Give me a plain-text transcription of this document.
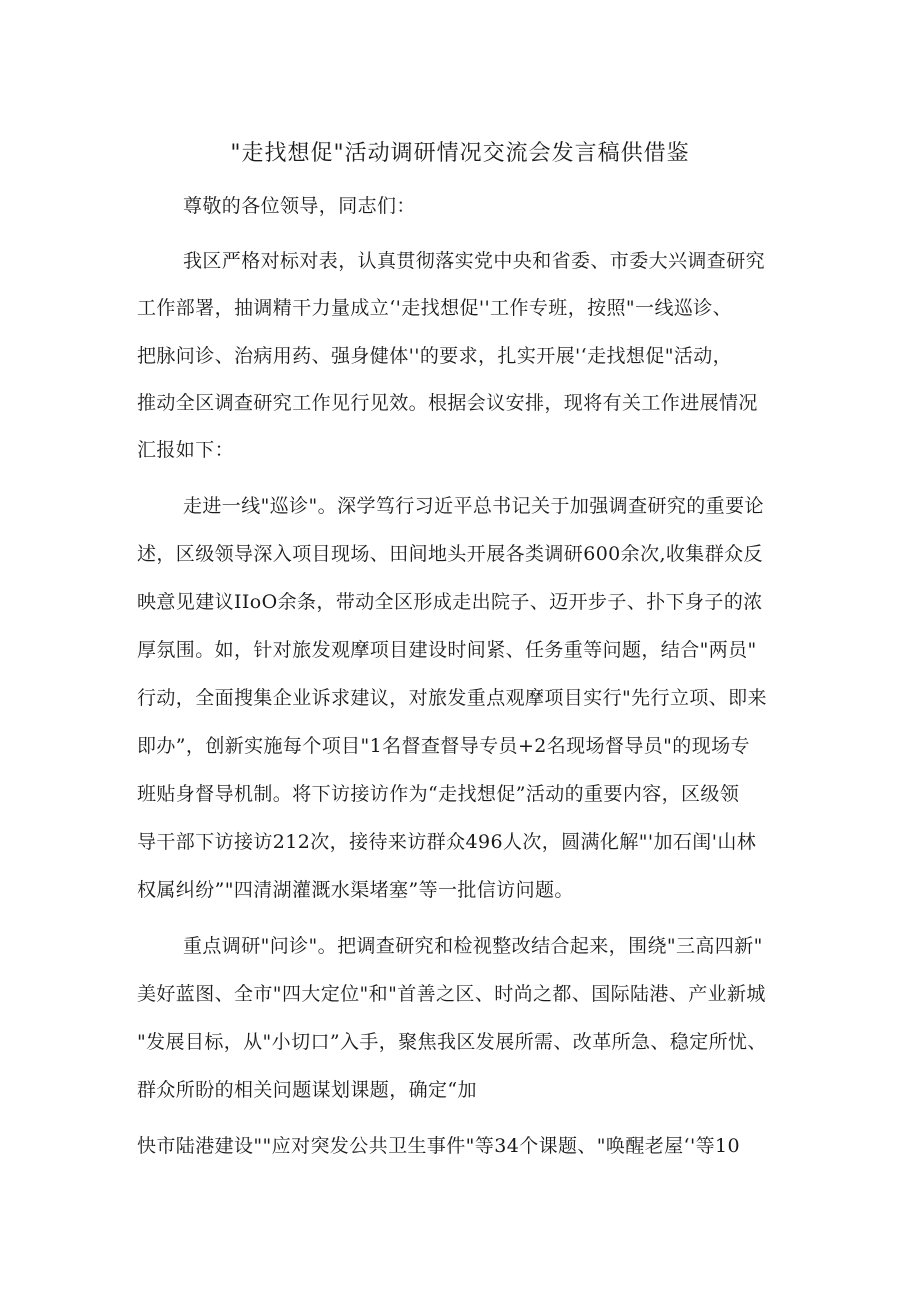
"走找想促"活动调研情况交流会发言稿供借鉴
尊敬的各位领导，同志们：
我区严格对标对表，认真贯彻落实党中央和省委、市委大兴调查研究
工作部署，抽调精干力量成立‘'走找想促''工作专班，按照"一线巡诊、
把脉问诊、治病用药、强身健体''的要求，扎实开展'‘走找想促"活动，
推动全区调查研究工作见行见效。根据会议安排，现将有关工作进展情况
汇报如下：
走进一线"巡诊"。深学笃行习近平总书记关于加强调查研究的重要论
述，区级领导深入项目现场、田间地头开展各类调研600余次,收集群众反
映意见建议IIoO余条，带动全区形成走出院子、迈开步子、扑下身子的浓
厚氛围。如，针对旅发观摩项目建设时间紧、任务重等问题，结合"两员"
行动，全面搜集企业诉求建议，对旅发重点观摩项目实行"先行立项、即来
即办”，创新实施每个项目"1名督查督导专员+2名现场督导员"的现场专
班贴身督导机制。将下访接访作为“走找想促”活动的重要内容，区级领
导干部下访接访212次，接待来访群众496人次，圆满化解"'加石闺'山林
权属纠纷”"四清湖灌溉水渠堵塞”等一批信访问题。
重点调研"问诊"。把调查研究和检视整改结合起来，围绕"三高四新"
美好蓝图、全市"四大定位"和"首善之区、时尚之都、国际陆港、产业新城
"发展目标，从"小切口”入手，聚焦我区发展所需、改革所急、稳定所忧、
群众所盼的相关问题谋划课题，确定“加
快市陆港建设""应对突发公共卫生事件"等34个课题、"唤醒老屋‘'等10
